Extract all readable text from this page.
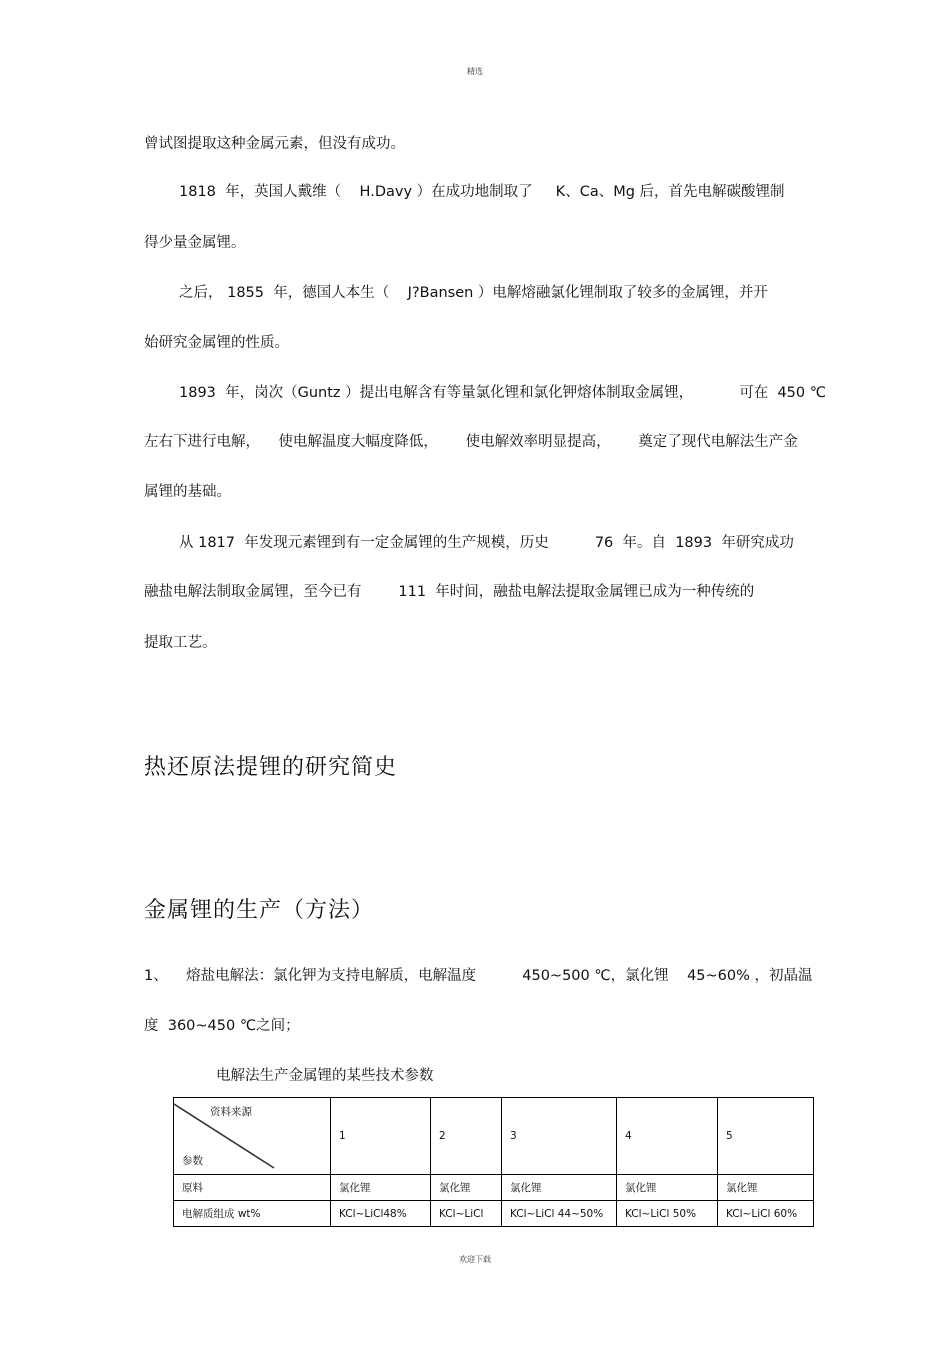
精选
曾试图提取这种金属元素，但没有成功。
1818  年，英国人戴维（    H.Davy ）在成功地制取了     K、Ca、Mg 后，首先电解碳酸锂制
得少量金属锂。
之后， 1855  年，德国人本生（    J?Bansen ）电解熔融氯化锂制取了较多的金属锂，并开
始研究金属锂的性质。
1893  年，岗次（Guntz ）提出电解含有等量氯化锂和氯化钾熔体制取金属锂，          可在  450 ℃
左右下进行电解，    使电解温度大幅度降低，      使电解效率明显提高，      奠定了现代电解法生产金
属锂的基础。
从 1817  年发现元素锂到有一定金属锂的生产规模，历史          76  年。自  1893  年研究成功
融盐电解法制取金属锂，至今已有        111  年时间，融盐电解法提取金属锂已成为一种传统的
提取工艺。
热还原法提锂的研究简史
金属锂的生产（方法）
1、    熔盐电解法：氯化钾为支持电解质，电解温度          450~500 ℃，氯化锂    45~60% ，初晶温
度  360~450 ℃之间；
电解法生产金属锂的某些技术参数
资料来源
参数	1	2	3	4	5
原料	氯化锂	氯化锂	氯化锂	氯化锂	氯化锂
电解质组成 wt%	KCl~LiCl48%	KCl~LiCl	KCl~LiCl 44~50%	KCl~LiCl 50%	KCl~LiCl 60%
欢迎下载
